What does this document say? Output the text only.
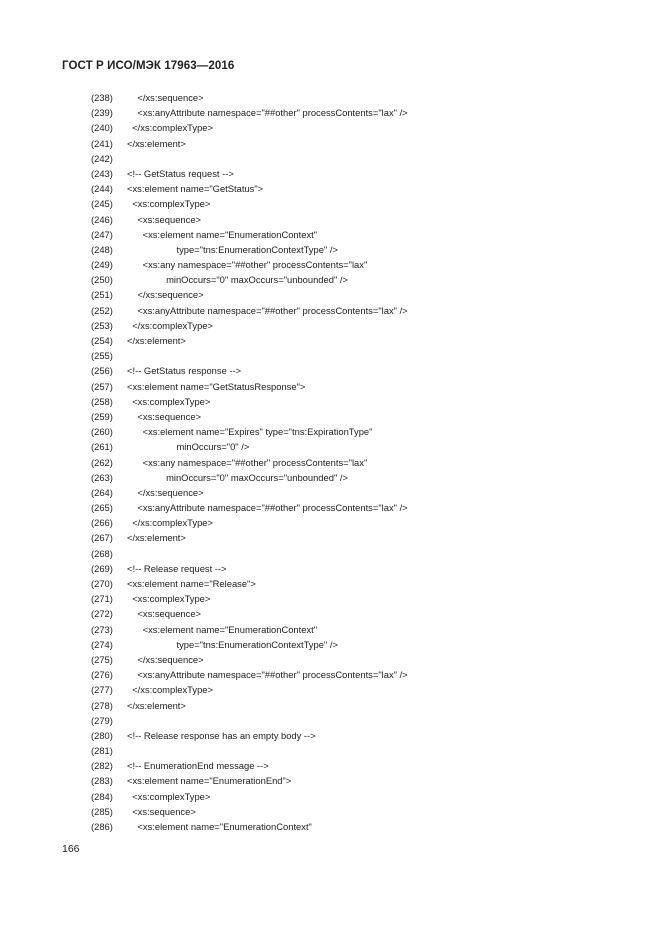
ГОСТ Р ИСО/МЭК 17963—2016
(238) </xs:sequence>
(239) <xs:anyAttribute namespace="##other" processContents="lax" />
(240) </xs:complexType>
(241) </xs:element>
(242)
(243) <!-- GetStatus request -->
(244) <xs:element name="GetStatus">
(245) <xs:complexType>
(246) <xs:sequence>
(247) <xs:element name="EnumerationContext"
(248) type="tns:EnumerationContextType" />
(249) <xs:any namespace="##other" processContents="lax"
(250) minOccurs="0" maxOccurs="unbounded" />
(251) </xs:sequence>
(252) <xs:anyAttribute namespace="##other" processContents="lax" />
(253) </xs:complexType>
(254) </xs:element>
(255)
(256) <!-- GetStatus response -->
(257) <xs:element name="GetStatusResponse">
(258) <xs:complexType>
(259) <xs:sequence>
(260) <xs:element name="Expires" type="tns:ExpirationType"
(261) minOccurs="0" />
(262) <xs:any namespace="##other" processContents="lax"
(263) minOccurs="0" maxOccurs="unbounded" />
(264) </xs:sequence>
(265) <xs:anyAttribute namespace="##other" processContents="lax" />
(266) </xs:complexType>
(267) </xs:element>
(268)
(269) <!-- Release request -->
(270) <xs:element name="Release">
(271) <xs:complexType>
(272) <xs:sequence>
(273) <xs:element name="EnumerationContext"
(274) type="tns:EnumerationContextType" />
(275) </xs:sequence>
(276) <xs:anyAttribute namespace="##other" processContents="lax" />
(277) </xs:complexType>
(278) </xs:element>
(279)
(280) <!-- Release response has an empty body -->
(281)
(282) <!-- EnumerationEnd message -->
(283) <xs:element name="EnumerationEnd">
(284) <xs:complexType>
(285) <xs:sequence>
(286) <xs:element name="EnumerationContext"
166
